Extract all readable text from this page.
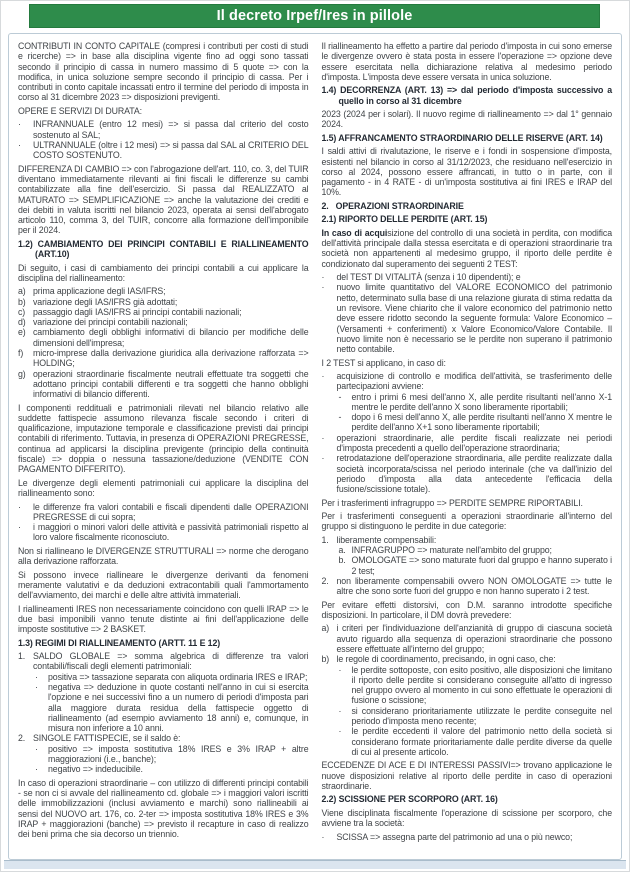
Il decreto Irpef/Ires in pillole
CONTRIBUTI IN CONTO CAPITALE (compresi i contributi per costi di studi e ricerche) => in base alla disciplina vigente fino ad oggi sono tassati secondo il principio di cassa in numero massimo di 5 quote => con la modifica, in unica soluzione sempre secondo il principio di cassa. Per i contributi in conto capitale incassati entro il termine del periodo di imposta in corso al 31 dicembre 2023 => disposizioni previgenti.
OPERE E SERVIZI DI DURATA:
·	INFRANNUALE (entro 12 mesi) => si passa dal criterio del costo sostenuto al SAL;
·	ULTRANNUALE (oltre i 12 mesi) => si passa dal SAL al CRITERIO DEL COSTO SOSTENUTO.
DIFFERENZA DI CAMBIO => con l'abrogazione dell'art. 110, co. 3, del TUIR diventano immediatamente rilevanti ai fini fiscali le differenze su cambi contabilizzate alla fine dell'esercizio. Si passa dal REALIZZATO al MATURATO => SEMPLIFICAZIONE => anche la valutazione dei crediti e dei debiti in valuta iscritti nel bilancio 2023, operata ai sensi dell'abrogato articolo 110, comma 3, del TUIR, concorre alla formazione dell'imponibile per il 2024.
1.2) CAMBIAMENTO DEI PRINCIPI CONTABILI E RIALLINEAMENTO (ART.10)
Di seguito, i casi di cambiamento dei principi contabili a cui applicare la disciplina del riallineamento:
a) prima applicazione degli IAS/IFRS;
b) variazione degli IAS/IFRS già adottati;
c) passaggio dagli IAS/IFRS ai principi contabili nazionali;
d) variazione dei principi contabili nazionali;
e) cambiamento degli obblighi informativi di bilancio per modifiche delle dimensioni dell'impresa;
f)	micro-imprese dalla derivazione giuridica alla derivazione rafforzata => HOLDING;
g) operazioni straordinarie fiscalmente neutrali effettuate tra soggetti che adottano principi contabili differenti e tra soggetti che hanno obblighi informativi di bilancio differenti.
I componenti reddituali e patrimoniali rilevati nel bilancio relativo alle suddette fattispecie assumono rilevanza fiscale secondo i criteri di qualificazione, imputazione temporale e classificazione previsti dai principi contabili di riferimento. Tuttavia, in presenza di OPERAZIONI PREGRESSE, continua ad applicarsi la disciplina previgente (principio della continuità fiscale) => doppia o nessuna tassazione/deduzione (VENDITE CON PAGAMENTO DIFFERITO).
Le divergenze degli elementi patrimoniali cui applicare la disciplina del riallineamento sono:
·	le differenze fra valori contabili e fiscali dipendenti dalle OPERAZIONI PREGRESSE di cui sopra;
·	i maggiori o minori valori delle attività e passività patrimoniali rispetto al loro valore fiscalmente riconosciuto.
Non si riallineano le DIVERGENZE STRUTTURALI => norme che derogano alla derivazione rafforzata.
Si possono invece riallineare le divergenze derivanti da fenomeni meramente valutativi e da deduzioni extracontabili quali l'ammortamento dell'avviamento, dei marchi e delle altre attività immateriali.
I riallineamenti IRES non necessariamente coincidono con quelli IRAP => le due basi imponibili vanno tenute distinte ai fini dell'applicazione delle imposte sostitutive => 2 BASKET.
1.3) REGIMI DI RIALLINEAMENTO (ARTT. 11 E 12)
1. SALDO GLOBALE => somma algebrica di differenze tra valori contabili/fiscali degli elementi patrimoniali:
·	positiva => tassazione separata con aliquota ordinaria IRES e IRAP;
·	negativa => deduzione in quote costanti nell'anno in cui si esercita l'opzione e nei successivi fino a un numero di periodi d'imposta pari alla maggiore durata residua della fattispecie oggetto di riallineamento (ad esempio avviamento 18 anni) e, comunque, in misura non inferiore a 10 anni.
2. SINGOLE FATTISPECIE, se il saldo è:
·	positivo => imposta sostitutiva 18% IRES e 3% IRAP + altre maggiorazioni (i.e., banche);
·	negativo => indeducibile.
In caso di operazioni straordinarie – con utilizzo di differenti principi contabili - se non ci si avvale del riallineamento cd. globale => i maggiori valori iscritti delle immobilizzazioni (inclusi avviamento e marchi) sono riallineabili ai sensi del NUOVO art. 176, co. 2-ter => imposta sostitutiva 18% IRES e 3% IRAP + maggiorazioni (banche) => previsto il recapture in caso di realizzo dei beni prima che sia decorso un triennio.
Il riallineamento ha effetto a partire dal periodo d'imposta in cui sono emerse le divergenze ovvero è stata posta in essere l'operazione => opzione deve essere esercitata nella dichiarazione relativa al medesimo periodo d'imposta. L'imposta deve essere versata in unica soluzione.
1.4) DECORRENZA (ART. 13) => dal periodo d'imposta successivo a quello in corso al 31 dicembre
2023 (2024 per i solari). Il nuovo regime di riallineamento => dal 1° gennaio 2024.
1.5) AFFRANCAMENTO STRAORDINARIO DELLE RISERVE (ART. 14)
I saldi attivi di rivalutazione, le riserve e i fondi in sospensione d'imposta, esistenti nel bilancio in corso al 31/12/2023, che residuano nell'esercizio in corso al 2024, possono essere affrancati, in tutto o in parte, con il pagamento - in 4 RATE - di un'imposta sostitutiva ai fini IRES e IRAP del 10%.
2.   OPERAZIONI STRAORDINARIE
2.1) RIPORTO DELLE PERDITE (ART. 15)
In caso di acquisizione del controllo di una società in perdita, con modifica dell'attività principale dalla stessa esercitata e di operazioni straordinarie tra società non appartenenti al medesimo gruppo, il riporto delle perdite è condizionato dal superamento dei seguenti 2 TEST:
·	del TEST DI VITALITÀ (senza i 10 dipendenti); e
·	nuovo limite quantitativo del VALORE ECONOMICO del patrimonio netto, determinato sulla base di una relazione giurata di stima redatta da un revisore. Viene chiarito che il valore economico del patrimonio netto deve essere ridotto secondo la seguente formula: Valore Economico – (Versamenti + conferimenti) x Valore Economico/Valore Contabile. Il nuovo limite non è necessario se le perdite non superano il patrimonio netto contabile.
I 2 TEST si applicano, in caso di:
·	acquisizione di controllo e modifica dell'attività, se trasferimento delle partecipazioni avviene:
-	entro i primi 6 mesi dell'anno X, alle perdite risultanti nell'anno X-1 mentre le perdite dell'anno X sono liberamente riportabili;
-	dopo i 6 mesi dell'anno X, alle perdite risultanti nell'anno X mentre le perdite dell'anno X+1 sono liberamente riportabili;
·	operazioni straordinarie, alle perdite fiscali realizzate nei periodi d'imposta precedenti a quello dell'operazione straordinaria;
·	retrodatazione dell'operazione straordinaria, alle perdite realizzate dalla società incorporata/scissa nel periodo interinale (che va dall'inizio del periodo d'imposta alla data antecedente l'efficacia della fusione/scissione totale).
Per i trasferimenti infragruppo => PERDITE SEMPRE RIPORTABILI.
Per i trasferimenti conseguenti a operazioni straordinarie all'interno del gruppo si distinguono le perdite in due categorie:
1. liberamente compensabili:
a. INFRAGRUPPO => maturate nell'ambito del gruppo;
b. OMOLOGATE => sono maturate fuori dal gruppo e hanno superato i 2 test;
2. non liberamente compensabili ovvero NON OMOLOGATE => tutte le altre che sono sorte fuori del gruppo e non hanno superato i 2 test.
Per evitare effetti distorsivi, con D.M. saranno introdotte specifiche disposizioni. In particolare, il DM dovrà prevedere:
a) i criteri per l'individuazione dell'anzianità di gruppo di ciascuna società avuto riguardo alla sequenza di operazioni straordinarie che possono essere effettuate all'interno del gruppo;
b) le regole di coordinamento, precisando, in ogni caso, che:
·	le perdite sottoposte, con esito positivo, alle disposizioni che limitano il riporto delle perdite si considerano conseguite all'atto di ingresso nel gruppo ovvero al momento in cui sono effettuate le operazioni di fusione o scissione;
·	si considerano prioritariamente utilizzate le perdite conseguite nel periodo d'imposta meno recente;
·	le perdite eccedenti il valore del patrimonio netto della società si considerano formate prioritariamente dalle perdite diverse da quelle di cui al presente articolo.
ECCEDENZE DI ACE E DI INTERESSI PASSIVI=> trovano applicazione le nuove disposizioni relative al riporto delle perdite in caso di operazioni straordinarie.
2.2) SCISSIONE PER SCORPORO (ART. 16)
Viene disciplinata fiscalmente l'operazione di scissione per scorporo, che avviene tra la società:
·	SCISSA => assegna parte del patrimonio ad una o più newco;
